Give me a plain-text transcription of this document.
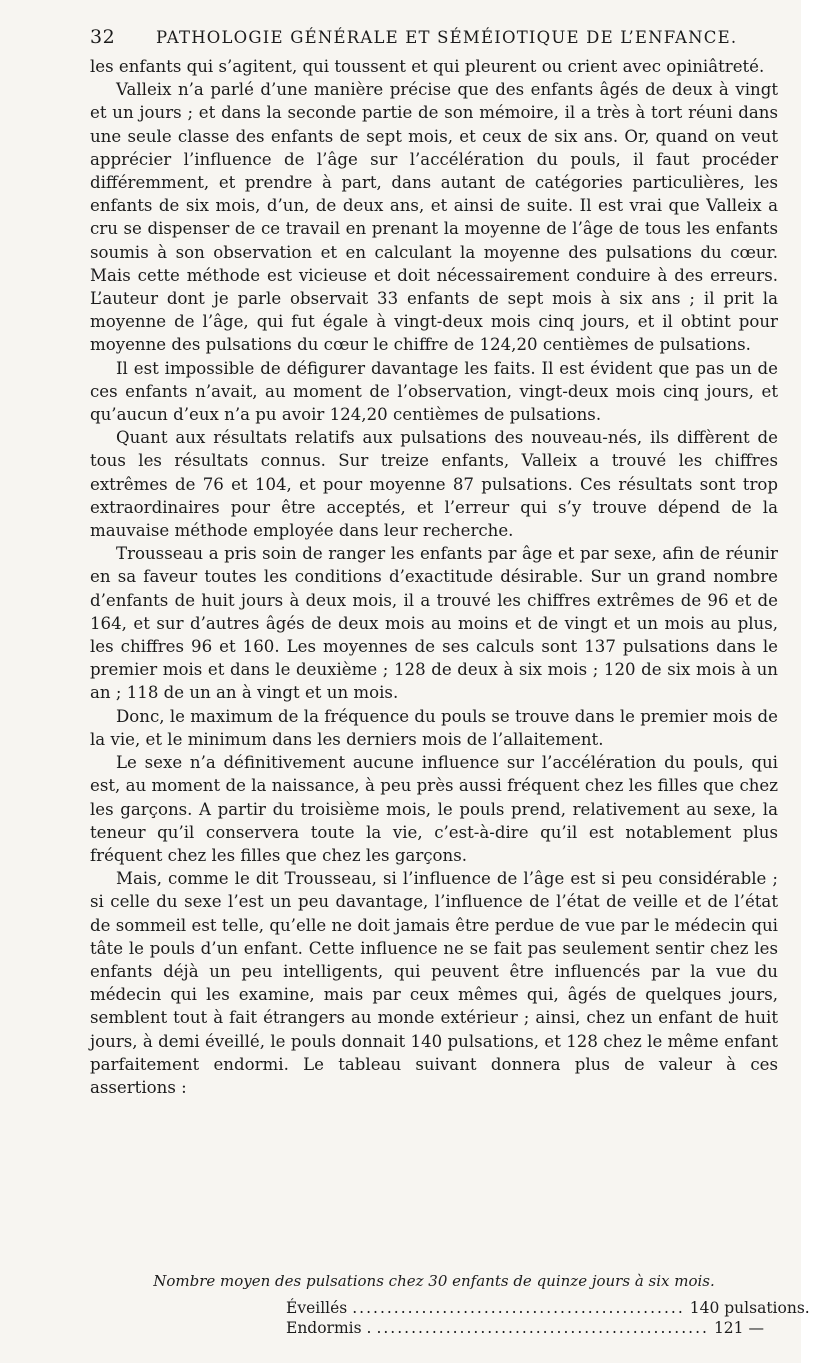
32 PATHOLOGIE GÉNÉRALE ET SÉMÉIOTIQUE DE L’ENFANCE.

les enfants qui s’agitent, qui toussent et qui pleurent ou crient avec opiniâtreté.

Valleix n’a parlé d’une manière précise que des enfants âgés de deux à vingt et un jours ; et dans la seconde partie de son mémoire, il a très à tort réuni dans une seule classe des enfants de sept mois, et ceux de six ans. Or, quand on veut apprécier l’influence de l’âge sur l’accélération du pouls, il faut procéder différemment, et prendre à part, dans autant de catégories particulières, les enfants de six mois, d’un, de deux ans, et ainsi de suite. Il est vrai que Valleix a cru se dispenser de ce travail en prenant la moyenne de l’âge de tous les enfants soumis à son observation et en calculant la moyenne des pulsations du cœur. Mais cette méthode est vicieuse et doit nécessairement conduire à des erreurs. L’auteur dont je parle observait 33 enfants de sept mois à six ans ; il prit la moyenne de l’âge, qui fut égale à vingt-deux mois cinq jours, et il obtint pour moyenne des pulsations du cœur le chiffre de 124,20 centièmes de pulsations.

Il est impossible de défigurer davantage les faits. Il est évident que pas un de ces enfants n’avait, au moment de l’observation, vingt-deux mois cinq jours, et qu’aucun d’eux n’a pu avoir 124,20 centièmes de pulsations.

Quant aux résultats relatifs aux pulsations des nouveau-nés, ils diffèrent de tous les résultats connus. Sur treize enfants, Valleix a trouvé les chiffres extrêmes de 76 et 104, et pour moyenne 87 pulsations. Ces résultats sont trop extraordinaires pour être acceptés, et l’erreur qui s’y trouve dépend de la mauvaise méthode employée dans leur recherche.

Trousseau a pris soin de ranger les enfants par âge et par sexe, afin de réunir en sa faveur toutes les conditions d’exactitude désirable. Sur un grand nombre d’enfants de huit jours à deux mois, il a trouvé les chiffres extrêmes de 96 et de 164, et sur d’autres âgés de deux mois au moins et de vingt et un mois au plus, les chiffres 96 et 160. Les moyennes de ses calculs sont 137 pulsations dans le premier mois et dans le deuxième ; 128 de deux à six mois ; 120 de six mois à un an ; 118 de un an à vingt et un mois.

Donc, le maximum de la fréquence du pouls se trouve dans le premier mois de la vie, et le minimum dans les derniers mois de l’allaitement.

Le sexe n’a définitivement aucune influence sur l’accélération du pouls, qui est, au moment de la naissance, à peu près aussi fréquent chez les filles que chez les garçons. A partir du troisième mois, le pouls prend, relativement au sexe, la teneur qu’il conservera toute la vie, c’est-à-dire qu’il est notablement plus fréquent chez les filles que chez les garçons.

Mais, comme le dit Trousseau, si l’influence de l’âge est si peu considérable ; si celle du sexe l’est un peu davantage, l’influence de l’état de veille et de l’état de sommeil est telle, qu’elle ne doit jamais être perdue de vue par le médecin qui tâte le pouls d’un enfant. Cette influence ne se fait pas seulement sentir chez les enfants déjà un peu intelligents, qui peuvent être influencés par la vue du médecin qui les examine, mais par ceux mêmes qui, âgés de quelques jours, semblent tout à fait étrangers au monde extérieur ; ainsi, chez un enfant de huit jours, à demi éveillé, le pouls donnait 140 pulsations, et 128 chez le même enfant parfaitement endormi. Le tableau suivant donnera plus de valeur à ces assertions :

Nombre moyen des pulsations chez 30 enfants de quinze jours à six mois.
Éveillés ................................................ 140 pulsations.
Endormis . ................................................ 121 —
